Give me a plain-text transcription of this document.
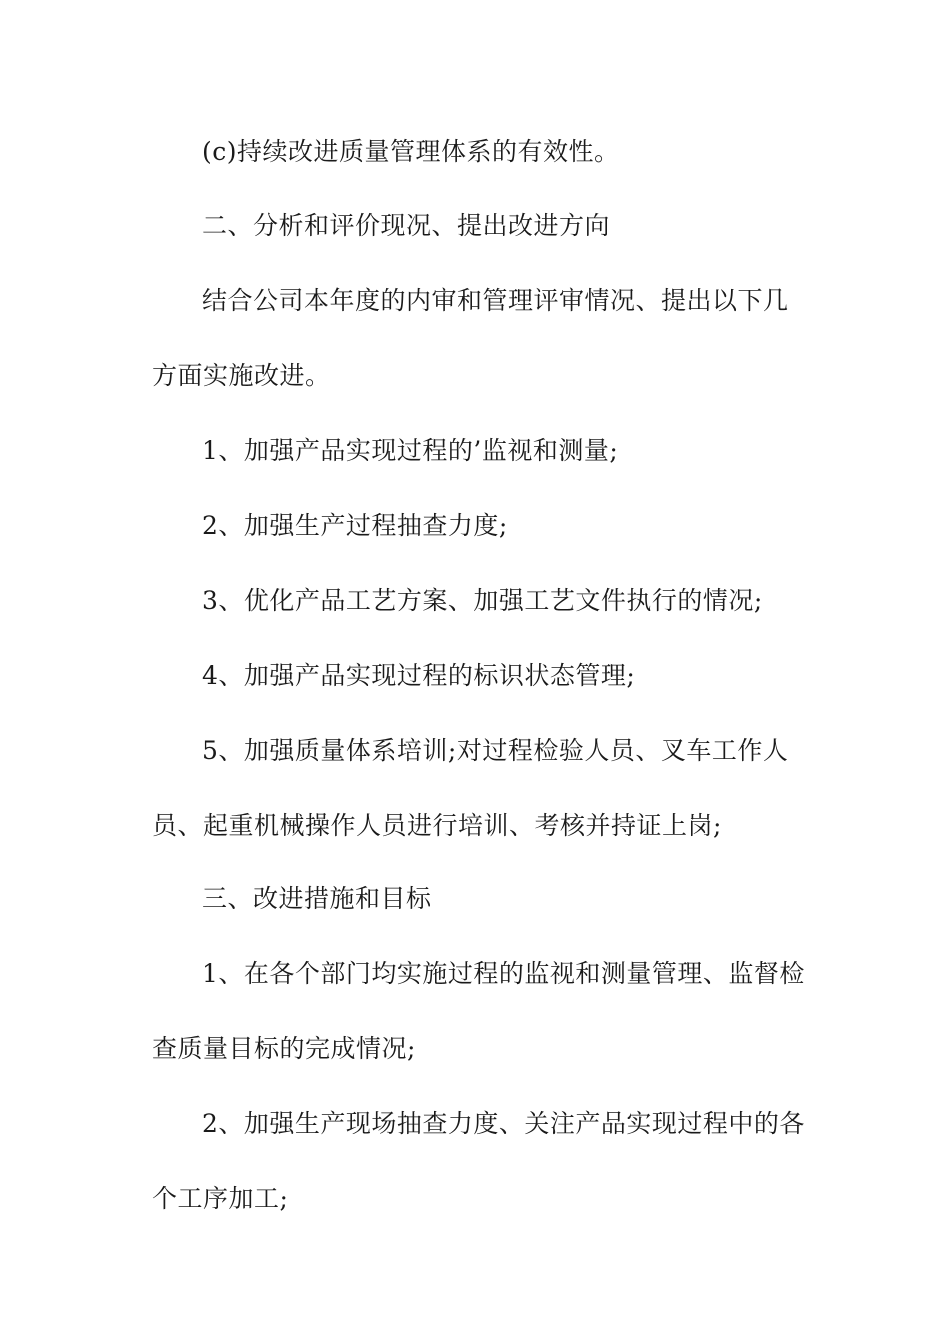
(c)持续改进质量管理体系的有效性。
二、分析和评价现况、提出改进方向
结合公司本年度的内审和管理评审情况、提出以下几
方面实施改进。
1、加强产品实现过程的’监视和测量;
2、加强生产过程抽查力度;
3、优化产品工艺方案、加强工艺文件执行的情况;
4、加强产品实现过程的标识状态管理;
5、加强质量体系培训;对过程检验人员、叉车工作人
员、起重机械操作人员进行培训、考核并持证上岗;
三、改进措施和目标
1、在各个部门均实施过程的监视和测量管理、监督检
查质量目标的完成情况;
2、加强生产现场抽查力度、关注产品实现过程中的各
个工序加工;
